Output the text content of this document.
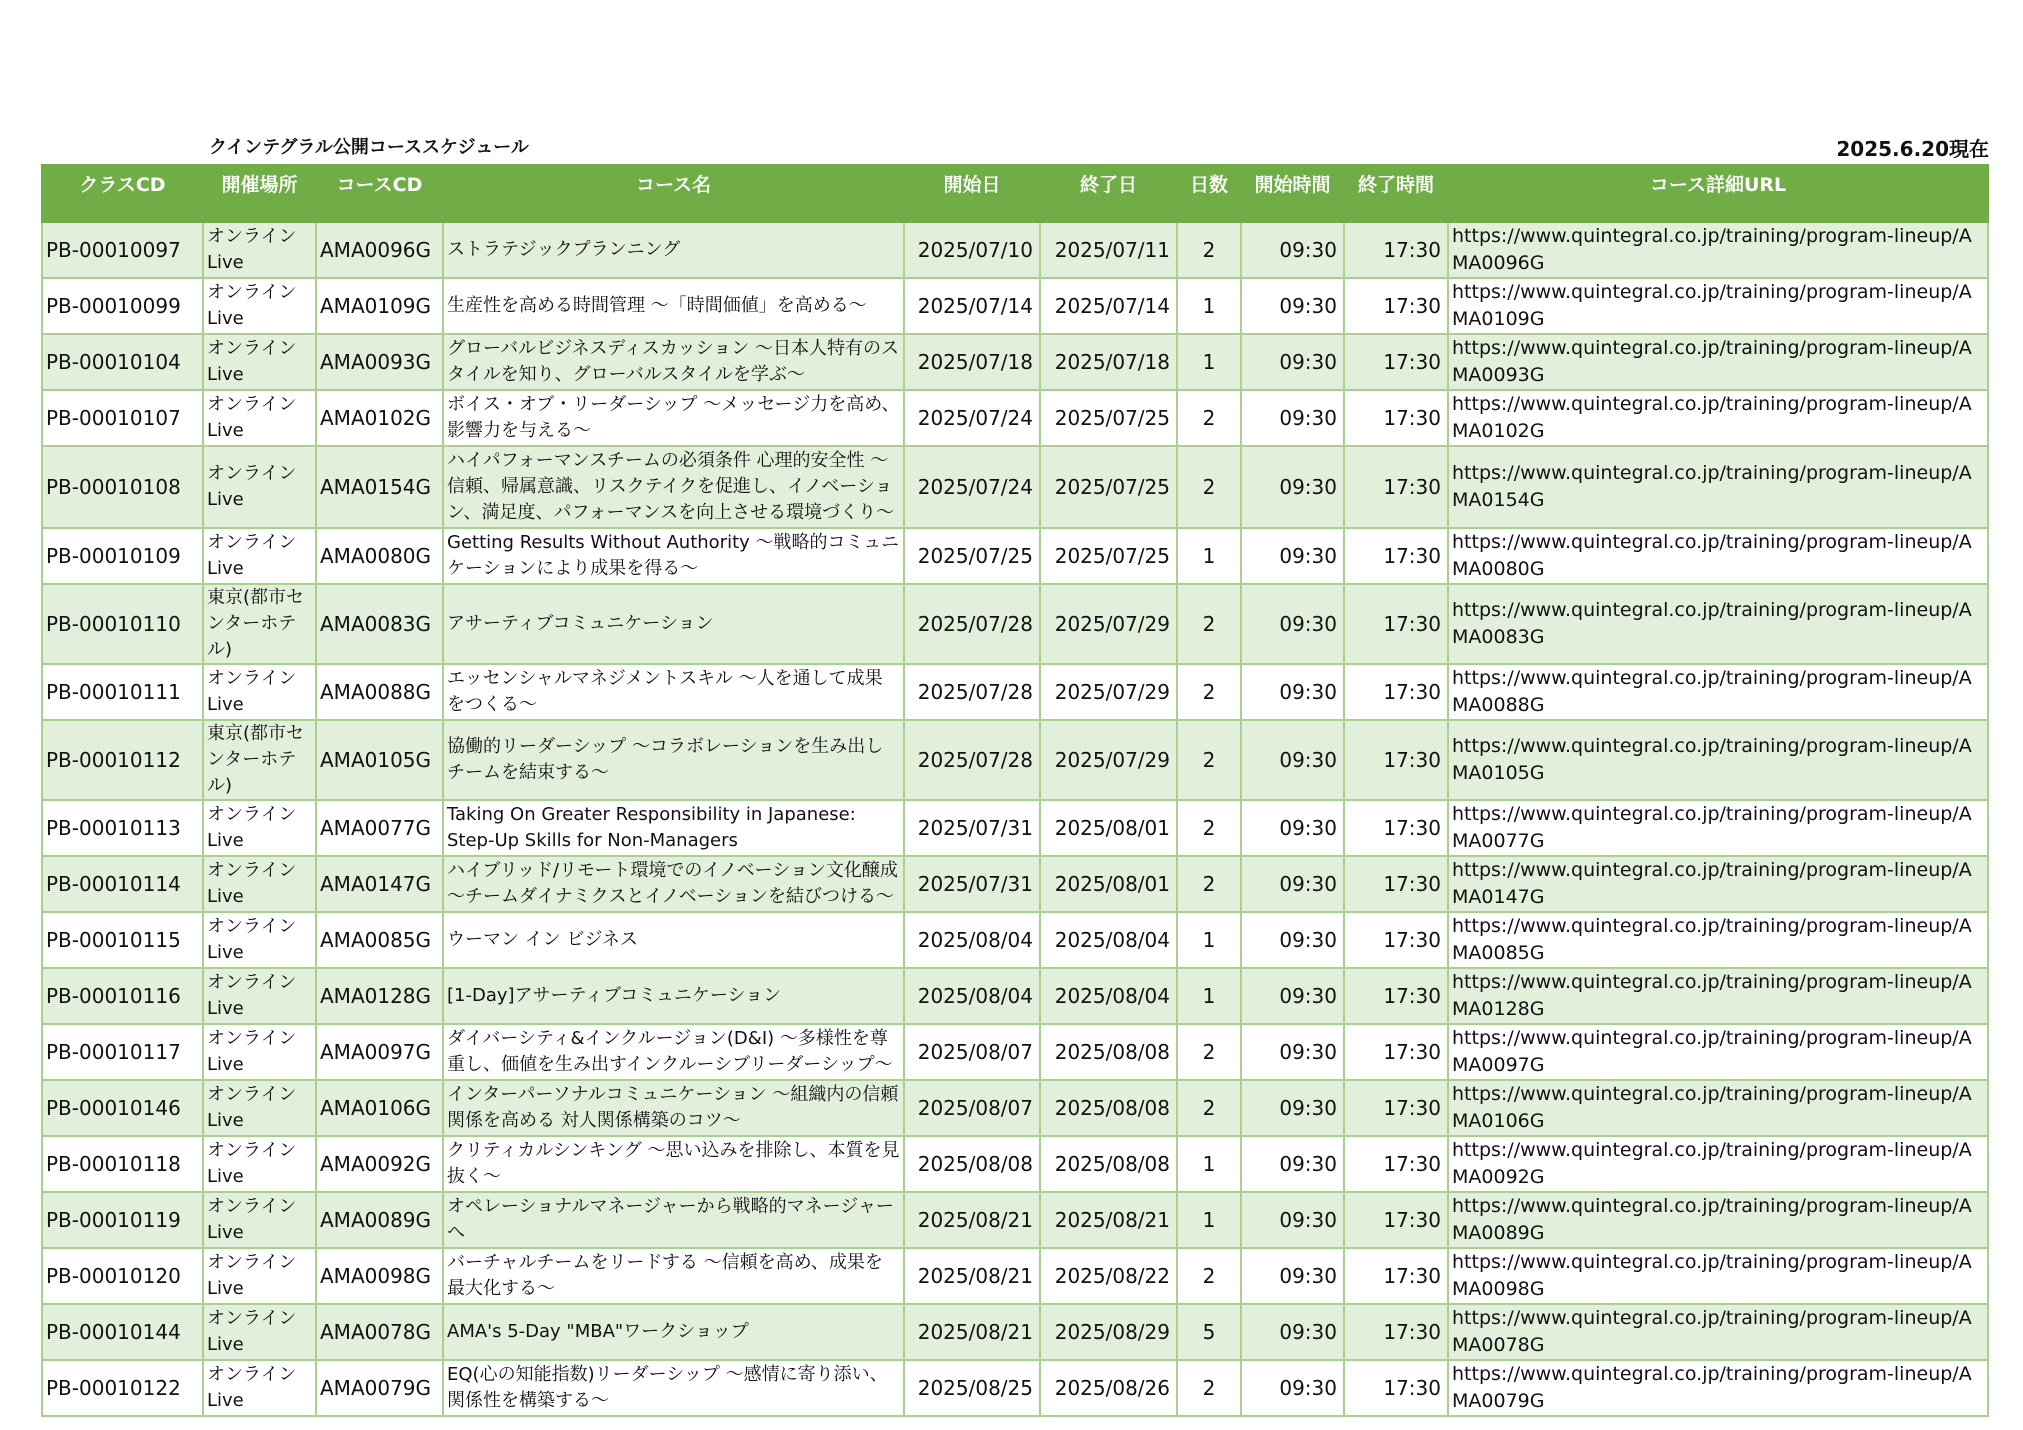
クインテグラル公開コーススケジュール	2025.6.20現在
クラスCD	開催場所	コースCD	コース名	開始日	終了日	日数	開始時間	終了時間	コース詳細URL
PB-00010097	オンライン Live	AMA0096G	ストラテジックプランニング	2025/07/10	2025/07/11	2	09:30	17:30	https://www.quintegral.co.jp/training/program-lineup/AMA0096G
PB-00010099	オンライン Live	AMA0109G	生産性を高める時間管理 ～「時間価値」を高める～	2025/07/14	2025/07/14	1	09:30	17:30	https://www.quintegral.co.jp/training/program-lineup/AMA0109G
PB-00010104	オンライン Live	AMA0093G	グローバルビジネスディスカッション ～日本人特有のスタイルを知り、グローバルスタイルを学ぶ～	2025/07/18	2025/07/18	1	09:30	17:30	https://www.quintegral.co.jp/training/program-lineup/AMA0093G
PB-00010107	オンライン Live	AMA0102G	ボイス・オブ・リーダーシップ ～メッセージ力を高め、影響力を与える～	2025/07/24	2025/07/25	2	09:30	17:30	https://www.quintegral.co.jp/training/program-lineup/AMA0102G
PB-00010108	オンライン Live	AMA0154G	ハイパフォーマンスチームの必須条件 心理的安全性 ～信頼、帰属意識、リスクテイクを促進し、イノベーション、満足度、パフォーマンスを向上させる環境づくり～	2025/07/24	2025/07/25	2	09:30	17:30	https://www.quintegral.co.jp/training/program-lineup/AMA0154G
PB-00010109	オンライン Live	AMA0080G	Getting Results Without Authority ～戦略的コミュニケーションにより成果を得る～	2025/07/25	2025/07/25	1	09:30	17:30	https://www.quintegral.co.jp/training/program-lineup/AMA0080G
PB-00010110	東京(都市センターホテル)	AMA0083G	アサーティブコミュニケーション	2025/07/28	2025/07/29	2	09:30	17:30	https://www.quintegral.co.jp/training/program-lineup/AMA0083G
PB-00010111	オンライン Live	AMA0088G	エッセンシャルマネジメントスキル ～人を通して成果をつくる～	2025/07/28	2025/07/29	2	09:30	17:30	https://www.quintegral.co.jp/training/program-lineup/AMA0088G
PB-00010112	東京(都市センターホテル)	AMA0105G	協働的リーダーシップ ～コラボレーションを生み出しチームを結束する～	2025/07/28	2025/07/29	2	09:30	17:30	https://www.quintegral.co.jp/training/program-lineup/AMA0105G
PB-00010113	オンライン Live	AMA0077G	Taking On Greater Responsibility in Japanese: Step-Up Skills for Non-Managers	2025/07/31	2025/08/01	2	09:30	17:30	https://www.quintegral.co.jp/training/program-lineup/AMA0077G
PB-00010114	オンライン Live	AMA0147G	ハイブリッド/リモート環境でのイノベーション文化醸成 ～チームダイナミクスとイノベーションを結びつける～	2025/07/31	2025/08/01	2	09:30	17:30	https://www.quintegral.co.jp/training/program-lineup/AMA0147G
PB-00010115	オンライン Live	AMA0085G	ウーマン イン ビジネス	2025/08/04	2025/08/04	1	09:30	17:30	https://www.quintegral.co.jp/training/program-lineup/AMA0085G
PB-00010116	オンライン Live	AMA0128G	[1-Day]アサーティブコミュニケーション	2025/08/04	2025/08/04	1	09:30	17:30	https://www.quintegral.co.jp/training/program-lineup/AMA0128G
PB-00010117	オンライン Live	AMA0097G	ダイバーシティ&インクルージョン(D&I) ～多様性を尊重し、価値を生み出すインクルーシブリーダーシップ～	2025/08/07	2025/08/08	2	09:30	17:30	https://www.quintegral.co.jp/training/program-lineup/AMA0097G
PB-00010146	オンライン Live	AMA0106G	インターパーソナルコミュニケーション ～組織内の信頼関係を高める 対人関係構築のコツ～	2025/08/07	2025/08/08	2	09:30	17:30	https://www.quintegral.co.jp/training/program-lineup/AMA0106G
PB-00010118	オンライン Live	AMA0092G	クリティカルシンキング ～思い込みを排除し、本質を見抜く～	2025/08/08	2025/08/08	1	09:30	17:30	https://www.quintegral.co.jp/training/program-lineup/AMA0092G
PB-00010119	オンライン Live	AMA0089G	オペレーショナルマネージャーから戦略的マネージャーへ	2025/08/21	2025/08/21	1	09:30	17:30	https://www.quintegral.co.jp/training/program-lineup/AMA0089G
PB-00010120	オンライン Live	AMA0098G	バーチャルチームをリードする ～信頼を高め、成果を最大化する～	2025/08/21	2025/08/22	2	09:30	17:30	https://www.quintegral.co.jp/training/program-lineup/AMA0098G
PB-00010144	オンライン Live	AMA0078G	AMA's 5-Day "MBA"ワークショップ	2025/08/21	2025/08/29	5	09:30	17:30	https://www.quintegral.co.jp/training/program-lineup/AMA0078G
PB-00010122	オンライン Live	AMA0079G	EQ(心の知能指数)リーダーシップ ～感情に寄り添い、関係性を構築する～	2025/08/25	2025/08/26	2	09:30	17:30	https://www.quintegral.co.jp/training/program-lineup/AMA0079G
